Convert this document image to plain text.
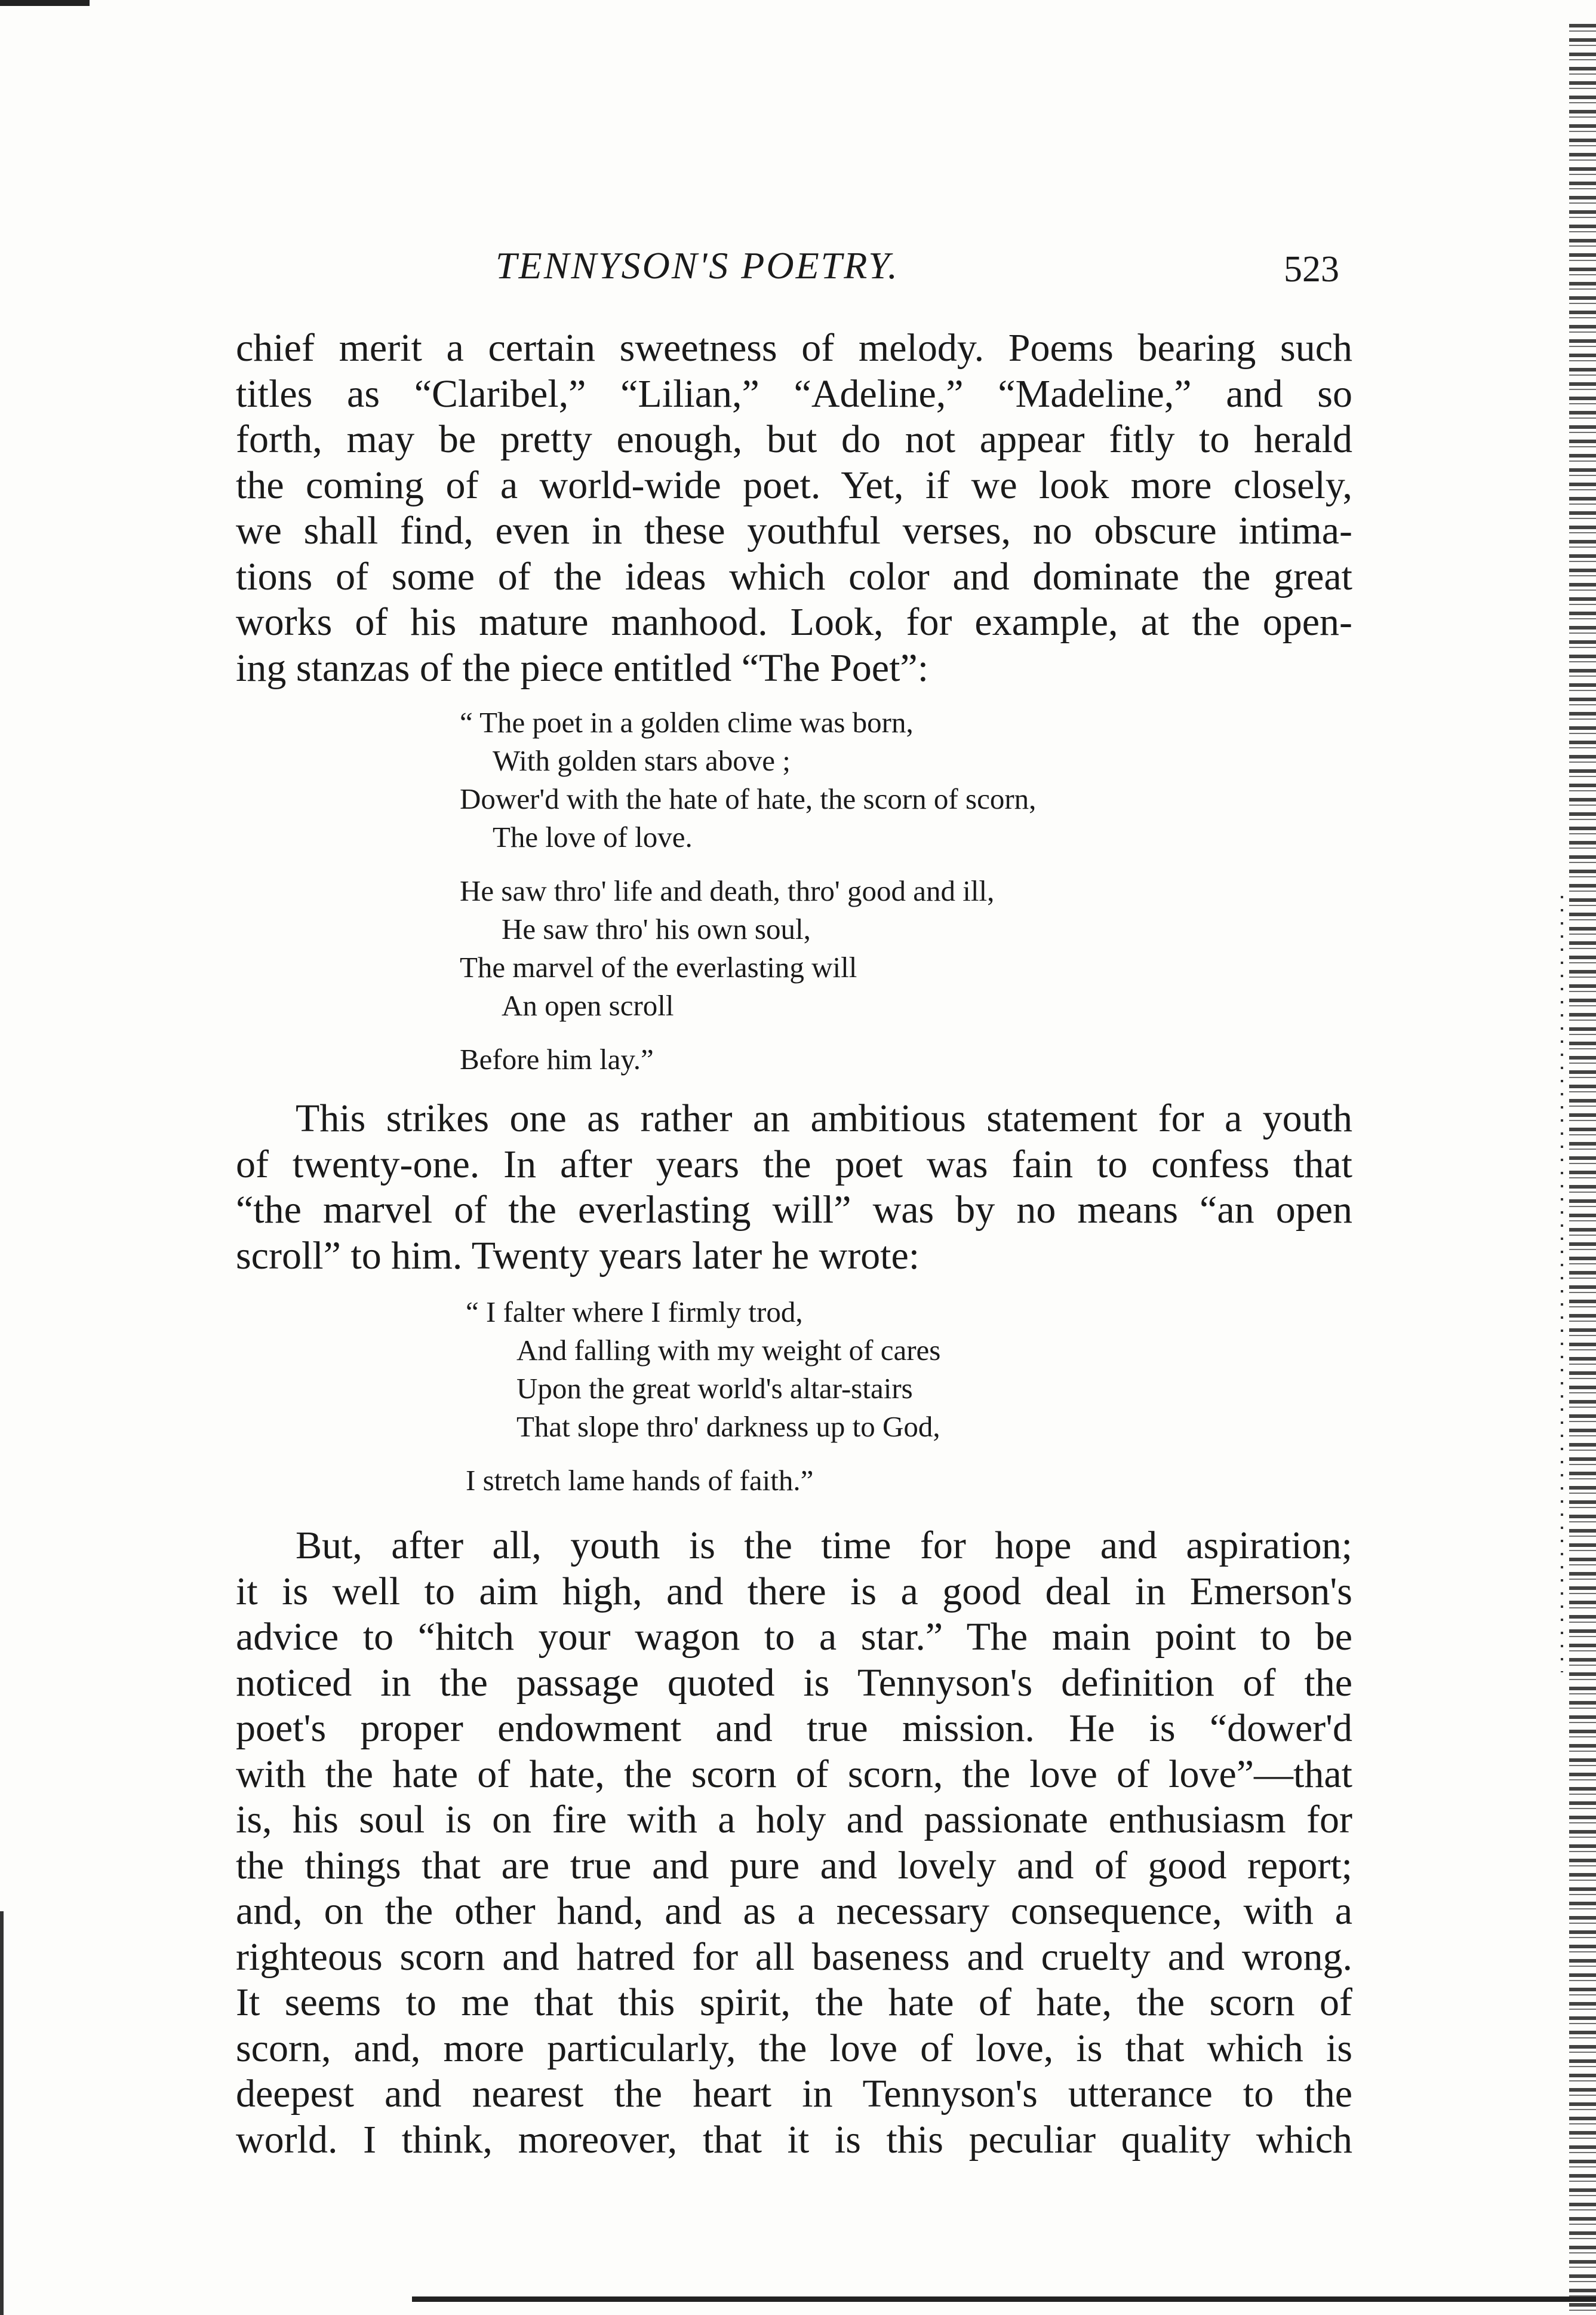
TENNYSON'S POETRY.	523
chief merit a certain sweetness of melody. Poems bearing such
titles as “Claribel,” “Lilian,” “Adeline,” “Madeline,” and so
forth, may be pretty enough, but do not appear fitly to herald
the coming of a world-wide poet. Yet, if we look more closely,
we shall find, even in these youthful verses, no obscure intima-
tions of some of the ideas which color and dominate the great
works of his mature manhood. Look, for example, at the open-
ing stanzas of the piece entitled “The Poet”:
“ The poet in a golden clime was born,
With golden stars above ;
Dower'd with the hate of hate, the scorn of scorn,
The love of love.
He saw thro' life and death, thro' good and ill,
He saw thro' his own soul,
The marvel of the everlasting will
An open scroll
Before him lay.”
This strikes one as rather an ambitious statement for a youth
of twenty-one. In after years the poet was fain to confess that
“the marvel of the everlasting will” was by no means “an open
scroll” to him. Twenty years later he wrote:
“ I falter where I firmly trod,
And falling with my weight of cares
Upon the great world's altar-stairs
That slope thro' darkness up to God,
I stretch lame hands of faith.”
But, after all, youth is the time for hope and aspiration;
it is well to aim high, and there is a good deal in Emerson's
advice to “hitch your wagon to a star.” The main point to be
noticed in the passage quoted is Tennyson's definition of the
poet's proper endowment and true mission. He is “dower'd
with the hate of hate, the scorn of scorn, the love of love”—that
is, his soul is on fire with a holy and passionate enthusiasm for
the things that are true and pure and lovely and of good report;
and, on the other hand, and as a necessary consequence, with a
righteous scorn and hatred for all baseness and cruelty and wrong.
It seems to me that this spirit, the hate of hate, the scorn of
scorn, and, more particularly, the love of love, is that which is
deepest and nearest the heart in Tennyson's utterance to the
world. I think, moreover, that it is this peculiar quality which
